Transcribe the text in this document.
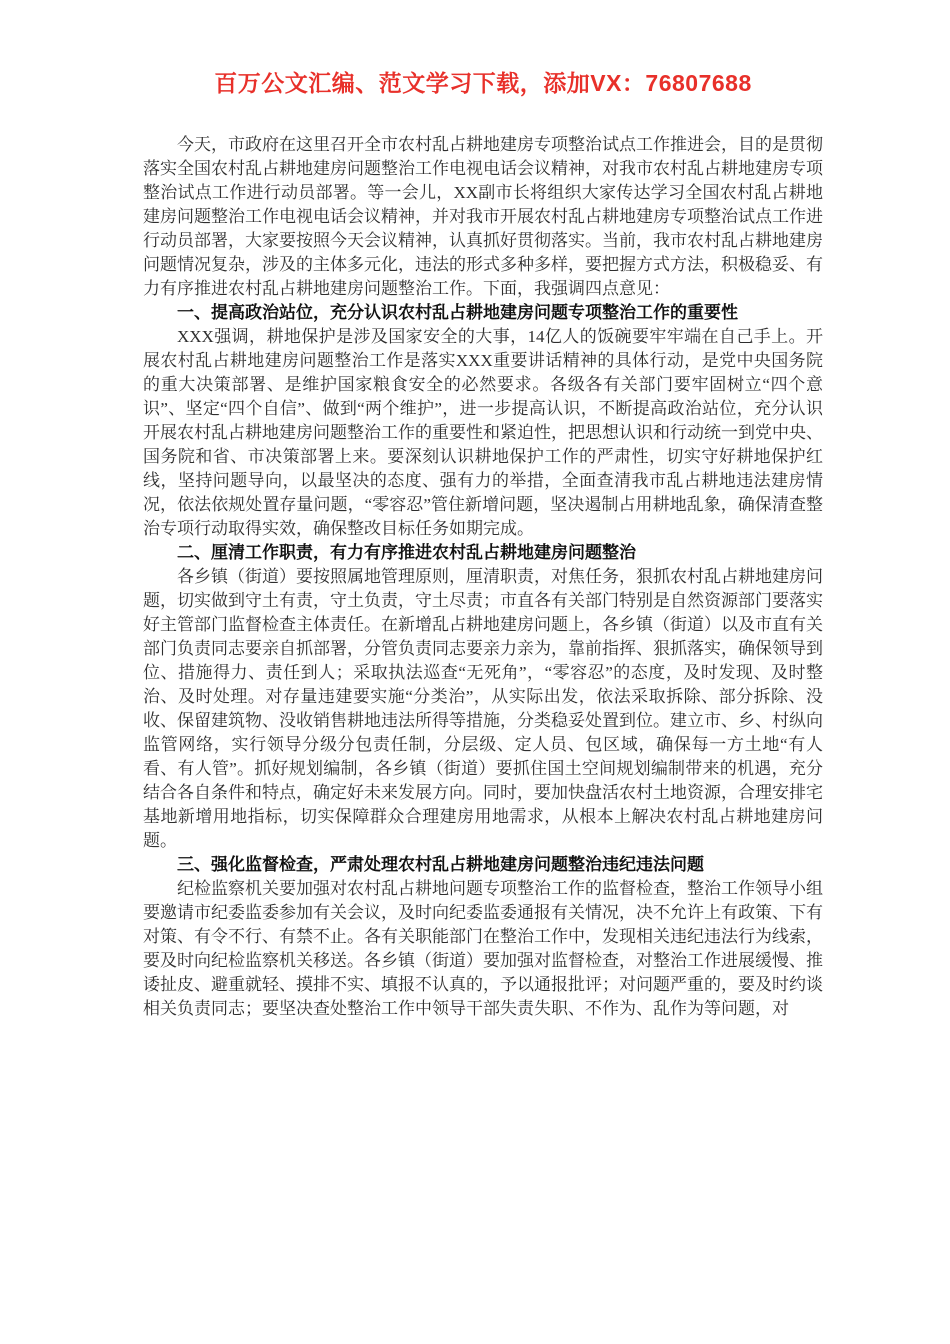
百万公文汇编、范文学习下载，添加VX：76807688

今天，市政府在这里召开全市农村乱占耕地建房专项整治试点工作推进会，目的是贯彻落实全国农村乱占耕地建房问题整治工作电视电话会议精神，对我市农村乱占耕地建房专项整治试点工作进行动员部署。等一会儿，XX副市长将组织大家传达学习全国农村乱占耕地建房问题整治工作电视电话会议精神，并对我市开展农村乱占耕地建房专项整治试点工作进行动员部署，大家要按照今天会议精神，认真抓好贯彻落实。当前，我市农村乱占耕地建房问题情况复杂，涉及的主体多元化，违法的形式多种多样，要把握方式方法，积极稳妥、有力有序推进农村乱占耕地建房问题整治工作。下面，我强调四点意见：

一、提高政治站位，充分认识农村乱占耕地建房问题专项整治工作的重要性

XXX强调，耕地保护是涉及国家安全的大事，14亿人的饭碗要牢牢端在自己手上。开展农村乱占耕地建房问题整治工作是落实XXX重要讲话精神的具体行动，是党中央国务院的重大决策部署、是维护国家粮食安全的必然要求。各级各有关部门要牢固树立“四个意识”、坚定“四个自信”、做到“两个维护”，进一步提高认识，不断提高政治站位，充分认识开展农村乱占耕地建房问题整治工作的重要性和紧迫性，把思想认识和行动统一到党中央、国务院和省、市决策部署上来。要深刻认识耕地保护工作的严肃性，切实守好耕地保护红线，坚持问题导向，以最坚决的态度、强有力的举措，全面查清我市乱占耕地违法建房情况，依法依规处置存量问题，“零容忍”管住新增问题，坚决遏制占用耕地乱象，确保清查整治专项行动取得实效，确保整改目标任务如期完成。

二、厘清工作职责，有力有序推进农村乱占耕地建房问题整治

各乡镇（街道）要按照属地管理原则，厘清职责，对焦任务，狠抓农村乱占耕地建房问题，切实做到守土有责，守土负责，守土尽责；市直各有关部门特别是自然资源部门要落实好主管部门监督检查主体责任。在新增乱占耕地建房问题上，各乡镇（街道）以及市直有关部门负责同志要亲自抓部署，分管负责同志要亲力亲为，靠前指挥、狠抓落实，确保领导到位、措施得力、责任到人；采取执法巡查“无死角”，“零容忍”的态度，及时发现、及时整治、及时处理。对存量违建要实施“分类治”，从实际出发，依法采取拆除、部分拆除、没收、保留建筑物、没收销售耕地违法所得等措施，分类稳妥处置到位。建立市、乡、村纵向监管网络，实行领导分级分包责任制，分层级、定人员、包区域，确保每一方土地“有人看、有人管”。抓好规划编制，各乡镇（街道）要抓住国土空间规划编制带来的机遇，充分结合各自条件和特点，确定好未来发展方向。同时，要加快盘活农村土地资源，合理安排宅基地新增用地指标，切实保障群众合理建房用地需求，从根本上解决农村乱占耕地建房问题。

三、强化监督检查，严肃处理农村乱占耕地建房问题整治违纪违法问题

纪检监察机关要加强对农村乱占耕地问题专项整治工作的监督检查，整治工作领导小组要邀请市纪委监委参加有关会议，及时向纪委监委通报有关情况，决不允许上有政策、下有对策、有令不行、有禁不止。各有关职能部门在整治工作中，发现相关违纪违法行为线索，要及时向纪检监察机关移送。各乡镇（街道）要加强对监督检查，对整治工作进展缓慢、推诿扯皮、避重就轻、摸排不实、填报不认真的，予以通报批评；对问题严重的，要及时约谈相关负责同志；要坚决查处整治工作中领导干部失责失职、不作为、乱作为等问题，对
